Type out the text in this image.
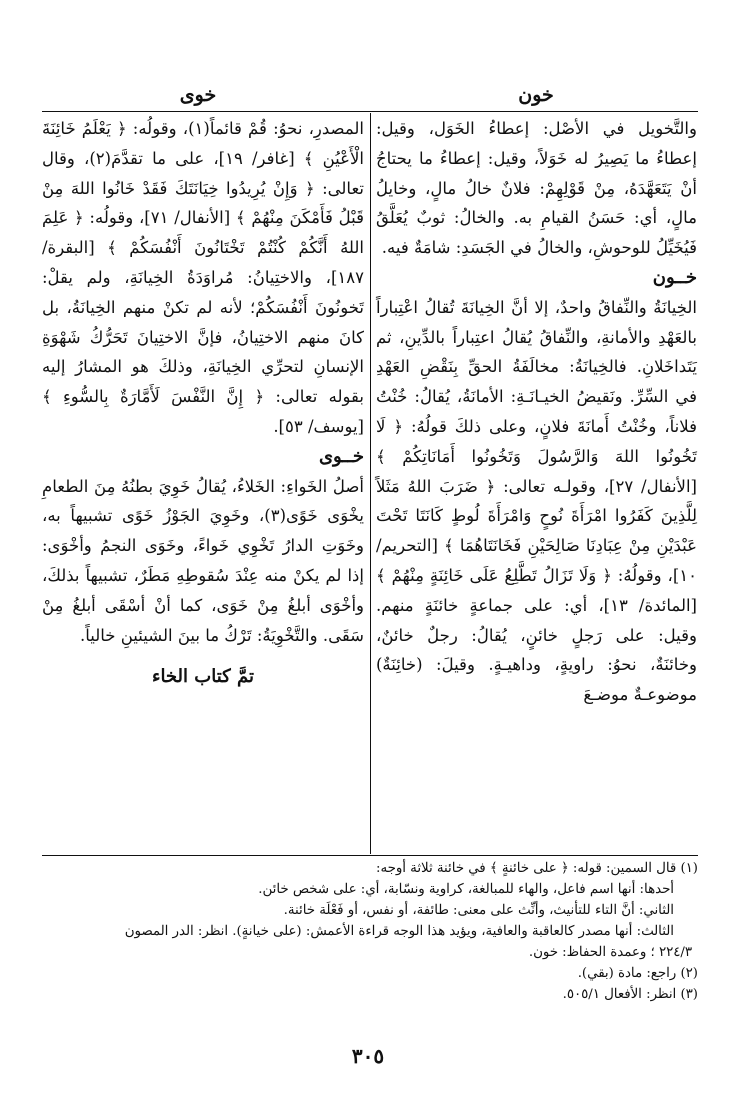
خون
خوى

والتَّخويل في الأصْل: إعطاءُ الخَوَل، وقيل: إعطاءُ ما يَصِيرُ له خَوَلاً، وقيل: إعطاءُ ما يحتاجُ أنْ يَتَعَهَّدَهُ، مِنْ قَوْلِهِمْ: فلانٌ خالُ مالٍ، وخايلُ مالٍ، أي: حَسَنُ القيامِ به. والخالُ: ثوبٌ يُعَلَّقُ فَيُخَيِّلُ للوحوشِ، والخالُ في الجَسَدِ: شامَةٌ فيه.

خــون

الخِيانَةُ والنِّفاقُ واحدٌ، إلا أنَّ الخِيانَةَ تُقالُ اعْتِباراً بالعَهْدِ والأمانةِ، والنِّفاقُ يُقالُ اعتِباراً بالدِّينِ، ثم يَتَداخَلانِ. فالخِيانَةُ: مخالَفَةُ الحقِّ بِنَقْضِ العَهْدِ في السِّرِّ. ونَقيضُ الخيـانَـةِ: الأمانَةُ، يُقالُ: خُنْتُ فلاناً، وخُنْتُ أَمانَةَ فلانٍ، وعلى ذلكَ قولُهُ: ﴿ لَا تَخُونُوا اللهَ وَالرَّسُولَ وَتَخُونُوا أَمَانَاتِكُمْ ﴾ [الأنفال/ ٢٧]، وقولـه تعالى: ﴿ ضَرَبَ اللهُ مَثَلاً لِلَّذِينَ كَفَرُوا امْرَأَةَ نُوحٍ وَامْرَأَةَ لُوطٍ كَانَتَا تَحْتَ عَبْدَيْنِ مِنْ عِبَادِنَا صَالِحَيْنِ فَخَانَتَاهُمَا ﴾ [التحريم/ ١٠]، وقولُهُ: ﴿ وَلَا تَزَالُ تَطَّلِعُ عَلَى خَائِنَةٍ مِنْهُمْ ﴾ [المائدة/ ١٣]، أي: على جماعةٍ خائنَةٍ منهم. وقيل: على رَجلٍ خائنٍ، يُقالُ: رجلٌ خائنٌ، وخائنَةٌ، نحوُ: راويةٍ، وداهيـةٍ. وقيلَ: (خائِنَةٌ) موضوعـةٌ موضـعَ

المصدرِ، نحوُ: قُمْ قائماً(١)، وقولُه: ﴿ يَعْلَمُ خَائِنَةَ الْأَعْيُنِ ﴾ [غافر/ ١٩]، على ما تقدَّمَ(٢)، وقال تعالى: ﴿ وَإِنْ يُرِيدُوا خِيَانَتَكَ فَقَدْ خَانُوا اللهَ مِنْ قَبْلُ فَأَمْكَنَ مِنْهُمْ ﴾ [الأنفال/ ٧١]، وقولُه: ﴿ عَلِمَ اللهُ أَنَّكُمْ كُنْتُمْ تَخْتَانُونَ أَنْفُسَكُمْ ﴾ [البقرة/ ١٨٧]، والاختِيانُ: مُراوَدَةُ الخِيانَةِ، ولم يقلْ: تَخونُونَ أَنْفُسَكُمْ؛ لأنه لم تكنْ منهم الخِيانَةُ، بل كانَ منهم الاختِيانُ، فإنَّ الاختِيانَ تَحَرُّكُ شَهْوَةِ الإنسانِ لتحرِّي الخِيانَةِ، وذلكَ هو المشارُ إليه بقوله تعالى: ﴿ إِنَّ النَّفْسَ لَأَمَّارَةٌ بِالسُّوءِ ﴾ [يوسف/ ٥٣].

خــوى

أصلُ الخَواءِ: الخَلاءُ، يُقالُ خَوِيَ بطنُهُ مِنَ الطعامِ يخْوَى خَوًى(٣)، وخَوِيَ الجَوْزُ خَوًى تشبيهاً به، وخَوَتِ الدارُ تَخْوِي خَواءً، وخَوَى النجمُ وأخْوَى: إذا لم يكنْ منه عِنْدَ سُقوطِهِ مَطَرٌ، تشبيهاً بذلكَ، وأخْوَى أبلغُ مِنْ خَوَى، كما أنْ أسْقَى أبلغُ مِنْ سَقَى. والتَّخْوِيَةُ: تَرْكُ ما بينَ الشيئينِ خالياً.

تمَّ كتاب الخاء

(١) قال السمين: قوله: ﴿ على خائنةٍ ﴾ في خائنة ثلاثة أوجه:

أحدها: أنها اسم فاعل، والهاء للمبالغة، كراوية ونسّابة، أي: على شخص خائن.

الثاني: أنَّ التاء للتأنيث، وأُنِّث على معنى: طائفة، أو نفس، أو فَعْلَة خائنة.

الثالث: أنها مصدر كالعاقبة والعافية، ويؤيد هذا الوجه قراءة الأعمش: (على خيانةٍ). انظر: الدر المصون

٢٢٤/٣ ؛ وعمدة الحفاظ: خون.

(٢) راجع: مادة (بقي).

(٣) انظر: الأفعال ٥٠٥/١.

٣٠٥
